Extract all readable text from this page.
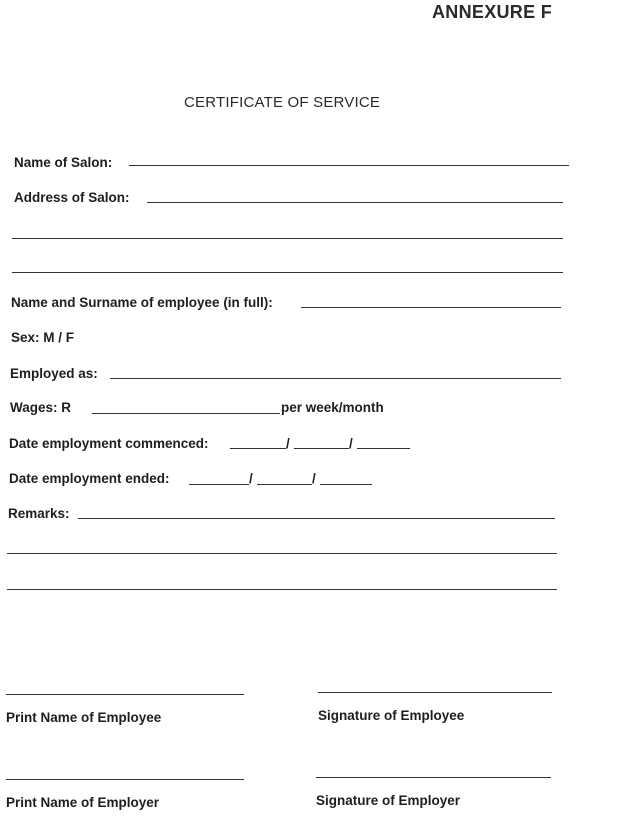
ANNEXURE F
CERTIFICATE OF SERVICE
Name of Salon:
Address of Salon:
Name and Surname of employee (in full):
Sex: M / F
Employed as:
Wages: R	per week/month
Date employment commenced:	/	/
Date employment ended:	/	/
Remarks:
Print Name of Employee	Signature of Employee
Print Name of Employer	Signature of Employer
